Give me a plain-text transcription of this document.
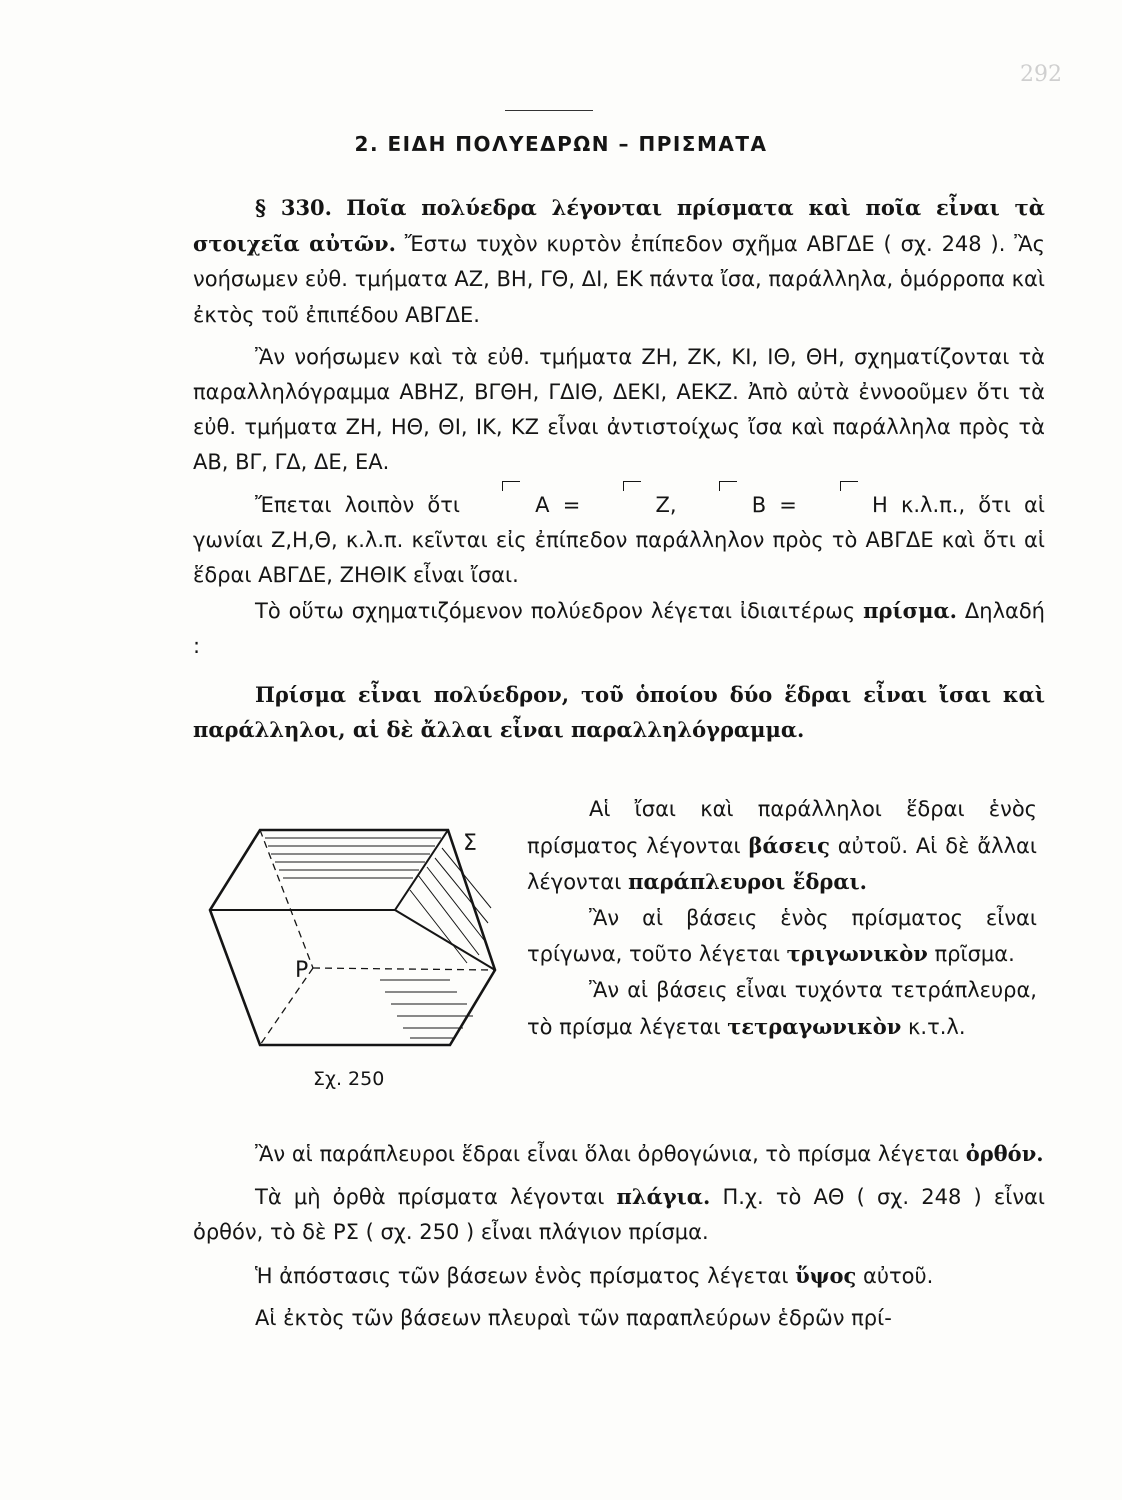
292
2. ΕΙΔΗ ΠΟΛΥΕΔΡΩΝ – ΠΡΙΣΜΑΤΑ

§ 330. Ποῖα πολύεδρα λέγονται πρίσματα καὶ ποῖα εἶναι τὰ στοιχεῖα αὐτῶν. Ἔστω τυχὸν κυρτὸν ἐπίπεδον σχῆμα ΑΒΓΔΕ ( σχ. 248 ). Ἂς νοήσωμεν εὐθ. τμήματα ΑΖ, ΒΗ, ΓΘ, ΔΙ, ΕΚ πάντα ἴσα, παράλληλα, ὁμόρροπα καὶ ἐκτὸς τοῦ ἐπιπέδου ΑΒΓΔΕ.

Ἂν νοήσωμεν καὶ τὰ εὐθ. τμήματα ΖΗ, ΖΚ, ΚΙ, ΙΘ, ΘΗ, σχηματίζονται τὰ παραλληλόγραμμα ΑΒΗΖ, ΒΓΘΗ, ΓΔΙΘ, ΔΕΚΙ, ΑΕΚΖ. Ἀπὸ αὐτὰ ἐννοοῦμεν ὅτι τὰ εὐθ. τμήματα ΖΗ, ΗΘ, ΘΙ, ΙΚ, ΚΖ εἶναι ἀντιστοίχως ἴσα καὶ παράλληλα πρὸς τὰ ΑΒ, ΒΓ, ΓΔ, ΔΕ, ΕΑ.

Ἔπεται λοιπὸν ὅτι	Α =	Ζ,	Β =	Η κ.λ.π., ὅτι αἱ γωνίαι Ζ,Η,Θ, κ.λ.π. κεῖνται εἰς ἐπίπεδον παράλληλον πρὸς τὸ ΑΒΓΔΕ καὶ ὅτι αἱ ἕδραι ΑΒΓΔΕ, ΖΗΘΙΚ εἶναι ἴσαι.

Τὸ οὕτω σχηματιζόμενον πολύεδρον λέγεται ἰδιαιτέρως πρίσμα. Δηλαδή :

Πρίσμα εἶναι πολύεδρον, τοῦ ὁποίου δύο ἕδραι εἶναι ἴσαι καὶ παράλληλοι, αἱ δὲ ἄλλαι εἶναι παραλληλόγραμμα.

Σ
Ρ
Σχ. 250

Αἱ ἴσαι καὶ παράλληλοι ἕδραι ἑνὸς πρίσματος λέγονται βάσεις αὐτοῦ. Αἱ δὲ ἄλλαι λέγονται παράπλευροι ἕδραι.

Ἂν αἱ βάσεις ἑνὸς πρίσματος εἶναι τρίγωνα, τοῦτο λέγεται τριγωνικὸν πρῖσμα.

Ἂν αἱ βάσεις εἶναι τυχόντα τετράπλευρα, τὸ πρίσμα λέγεται τετραγωνικὸν κ.τ.λ.

Ἂν αἱ παράπλευροι ἕδραι εἶναι ὅλαι ὀρθογώνια, τὸ πρίσμα λέγεται ὀρθόν.

Τὰ μὴ ὀρθὰ πρίσματα λέγονται πλάγια. Π.χ. τὸ ΑΘ ( σχ. 248 ) εἶναι ὀρθόν, τὸ δὲ ΡΣ ( σχ. 250 ) εἶναι πλάγιον πρίσμα.

Ἡ ἀπόστασις τῶν βάσεων ἑνὸς πρίσματος λέγεται ὕψος αὐτοῦ.

Αἱ ἐκτὸς τῶν βάσεων πλευραὶ τῶν παραπλεύρων ἑδρῶν πρί-
